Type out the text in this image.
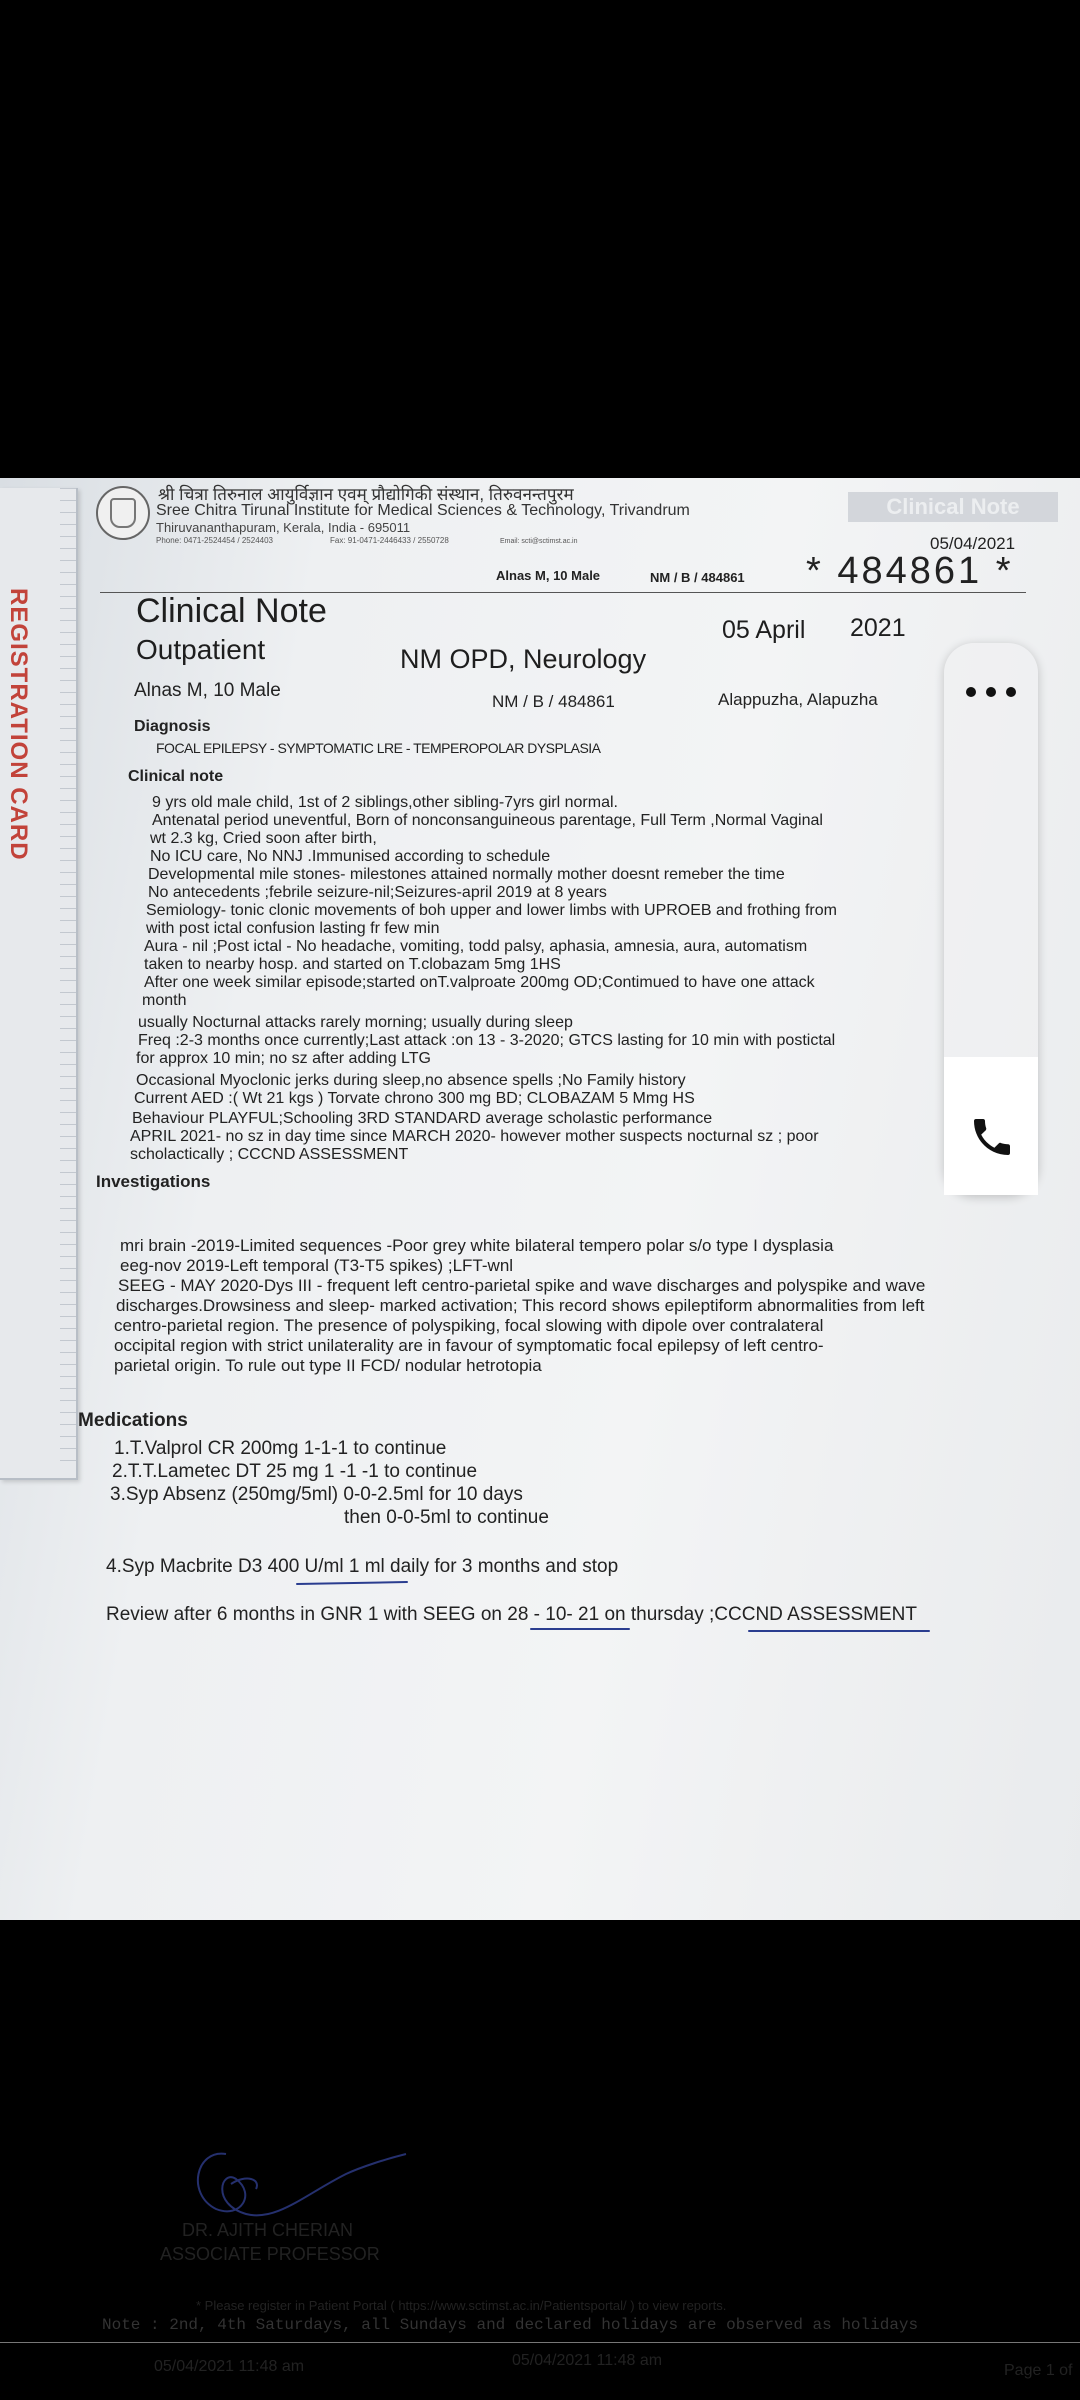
REGISTRATION CARD
श्री चित्रा तिरुनाल आयुर्विज्ञान एवम् प्रौद्योगिकी संस्थान, तिरुवनन्तपुरम
Sree Chitra Tirunal Institute for Medical Sciences & Technology, Trivandrum
Thiruvananthapuram, Kerala, India - 695011
Phone: 0471-2524454 / 2524403	Fax: 91-0471-2446433 / 2550728	Email: scti@sctimst.ac.in
Clinical Note
05/04/2021
Alnas M, 10 Male	NM / B / 484861 * 484861 *
Clinical Note
Outpatient	NM OPD, Neurology
05 April 2021
Alnas M, 10 Male
NM / B / 484861	Alappuzha, Alapuzha
Diagnosis
FOCAL EPILEPSY - SYMPTOMATIC LRE - TEMPEROPOLAR DYSPLASIA
Clinical note
9 yrs old male child, 1st of 2 siblings,other sibling-7yrs girl normal.
Antenatal period uneventful, Born of nonconsanguineous parentage, Full Term ,Normal Vaginal
wt 2.3 kg, Cried soon after birth,
No ICU care, No NNJ .Immunised according to schedule
Developmental mile stones- milestones attained normally mother doesnt remeber the time
No antecedents ;febrile seizure-nil;Seizures-april 2019 at 8 years
Semiology- tonic clonic movements of boh upper and lower limbs with UPROEB and frothing from
with post ictal confusion lasting fr few min
Aura - nil ;Post ictal - No headache, vomiting, todd palsy, aphasia, amnesia, aura, automatism
taken to nearby hosp. and started on T.clobazam 5mg 1HS
After one week similar episode;started onT.valproate 200mg OD;Contimued to have one attack
month
usually Nocturnal attacks rarely morning; usually during sleep
Freq :2-3 months once currently;Last attack :on 13 - 3-2020; GTCS lasting for 10 min with postictal
for approx 10 min; no sz after adding LTG
Occasional Myoclonic jerks during sleep,no absence spells ;No Family history
Current AED :( Wt 21 kgs ) Torvate chrono 300 mg BD; CLOBAZAM 5 Mmg HS
Behaviour PLAYFUL;Schooling 3RD STANDARD average scholastic performance
APRIL 2021- no sz in day time since MARCH 2020- however mother suspects nocturnal sz ; poor
scholactically ; CCCND ASSESSMENT
Investigations
mri brain -2019-Limited sequences -Poor grey white bilateral tempero polar s/o type I dysplasia
eeg-nov 2019-Left temporal (T3-T5 spikes) ;LFT-wnl
SEEG - MAY 2020-Dys III - frequent left centro-parietal spike and wave discharges and polyspike and wave
discharges.Drowsiness and sleep- marked activation; This record shows epileptiform abnormalities from left
centro-parietal region. The presence of polyspiking, focal slowing with dipole over contralateral
occipital region with strict unilaterality are in favour of symptomatic focal epilepsy of left centro-
parietal origin. To rule out type II FCD/ nodular hetrotopia
Medications
1.T.Valprol CR 200mg 1-1-1 to continue
2.T.T.Lametec DT 25 mg 1 -1 -1 to continue
3.Syp Absenz (250mg/5ml) 0-0-2.5ml for 10 days
then 0-0-5ml to continue
4.Syp Macbrite D3 400 U/ml 1 ml daily for 3 months and stop
Review after 6 months in GNR 1 with SEEG on 28 - 10- 21 on thursday ;CCCND ASSESSMENT
DR. AJITH CHERIAN
ASSOCIATE PROFESSOR
* Please register in Patient Portal ( https://www.sctimst.ac.in/Patientsportal/ ) to view reports.
Note : 2nd, 4th Saturdays, all Sundays and declared holidays are observed as holidays
05/04/2021 11:48 am	05/04/2021 11:48 am
Page 1 of
